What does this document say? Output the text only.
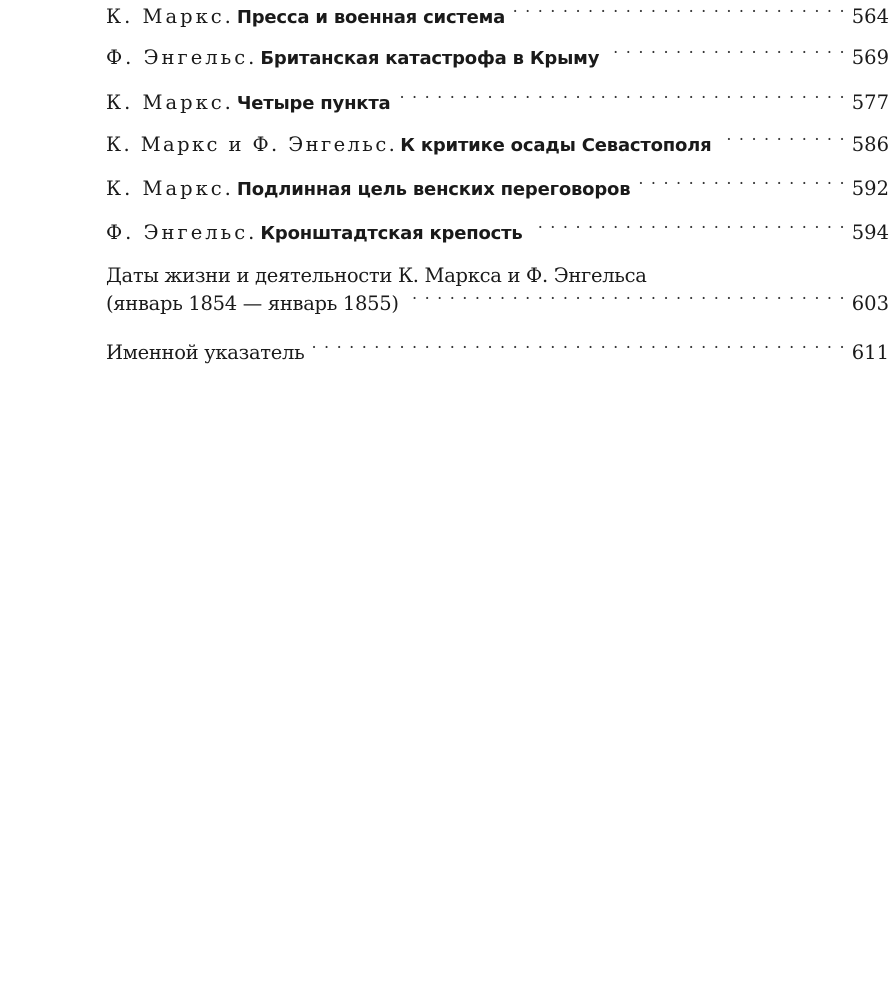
К. Маркс. Пресса и военная система . . .	564
Ф. Энгельс. Британская катастрофа в Крыму . . .	569
К. Маркс. Четыре пункта . . .	577
К. Маркс и Ф. Энгельс. К критике осады Севастополя . . .	586
К. Маркс. Подлинная цель венских переговоров . . .	592
Ф. Энгельс. Кронштадтская крепость . . .	594
Даты жизни и деятельности К. Маркса и Ф. Энгельса
(январь 1854 — январь 1855) . . .	603
Именной указатель . . .	611
